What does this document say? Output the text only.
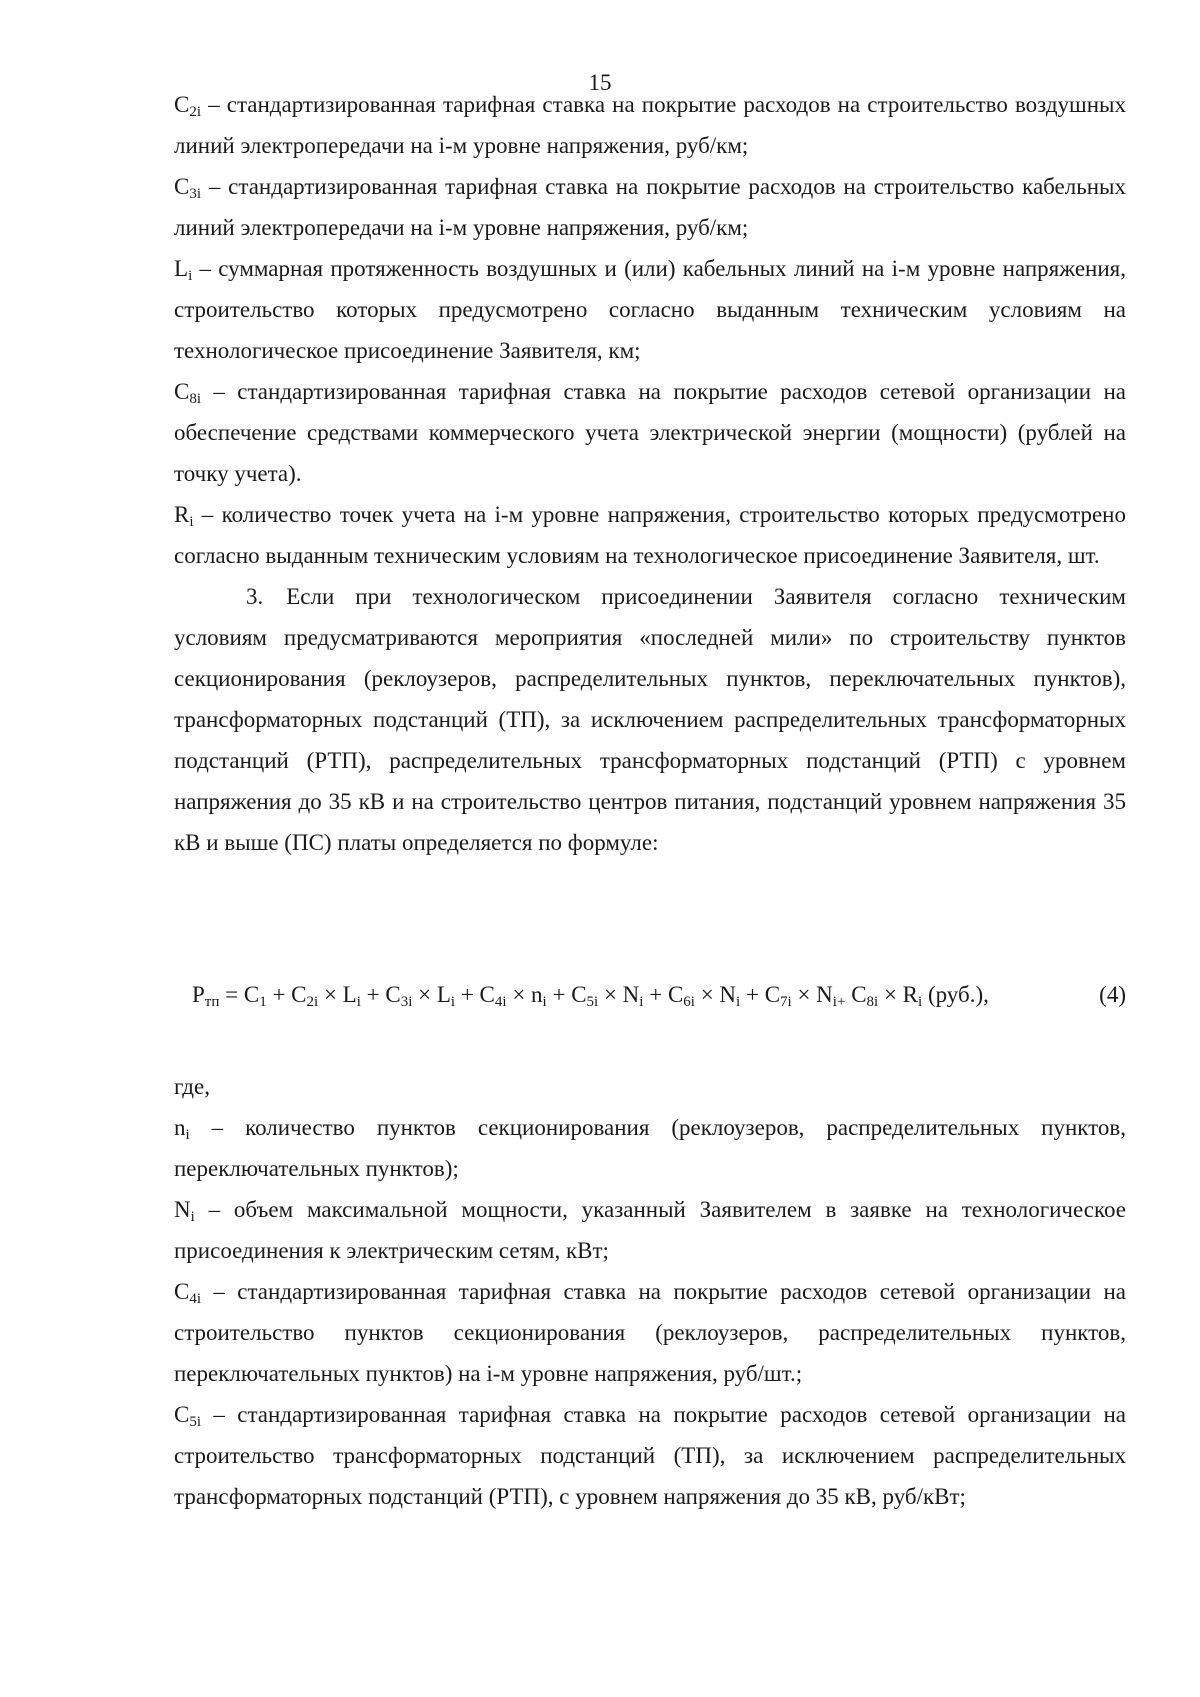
15

$C_{2i}$ – стандартизированная тарифная ставка на покрытие расходов на строительство воздушных линий электропередачи на i-м уровне напряжения, руб/км;

$C_{3i}$ – стандартизированная тарифная ставка на покрытие расходов на строительство кабельных линий электропередачи на i-м уровне напряжения, руб/км;

$L_i$ – суммарная протяженность воздушных и (или) кабельных линий на i-м уровне напряжения, строительство которых предусмотрено согласно выданным техническим условиям на технологическое присоединение Заявителя, км;

$C_{8i}$ – стандартизированная тарифная ставка на покрытие расходов сетевой организации на обеспечение средствами коммерческого учета электрической энергии (мощности) (рублей на точку учета).

$R_i$ – количество точек учета на i-м уровне напряжения, строительство которых предусмотрено согласно выданным техническим условиям на технологическое присоединение Заявителя, шт.

3. Если при технологическом присоединении Заявителя согласно техническим условиям предусматриваются мероприятия «последней мили» по строительству пунктов секционирования (реклоузеров, распределительных пунктов, переключательных пунктов), трансформаторных подстанций (ТП), за исключением распределительных трансформаторных подстанций (РТП), распределительных трансформаторных подстанций (РТП) с уровнем напряжения до 35 кВ и на строительство центров питания, подстанций уровнем напряжения 35 кВ и выше (ПС) платы определяется по формуле:

$P_{тп} = C_1 + C_{2i} \times L_i + C_{3i} \times L_i + C_{4i} \times n_i + C_{5i} \times N_i + C_{6i} \times N_i + C_{7i} \times N_{i+}$ $C_{8i} \times R_i$ (руб.),	(4)

где,

$n_i$ – количество пунктов секционирования (реклоузеров, распределительных пунктов, переключательных пунктов);

$N_i$ – объем максимальной мощности, указанный Заявителем в заявке на технологическое присоединения к электрическим сетям, кВт;

$C_{4i}$ – стандартизированная тарифная ставка на покрытие расходов сетевой организации на строительство пунктов секционирования (реклоузеров, распределительных пунктов, переключательных пунктов) на i-м уровне напряжения, руб/шт.;

$C_{5i}$ – стандартизированная тарифная ставка на покрытие расходов сетевой организации на строительство трансформаторных подстанций (ТП), за исключением распределительных трансформаторных подстанций (РТП), с уровнем напряжения до 35 кВ, руб/кВт;
